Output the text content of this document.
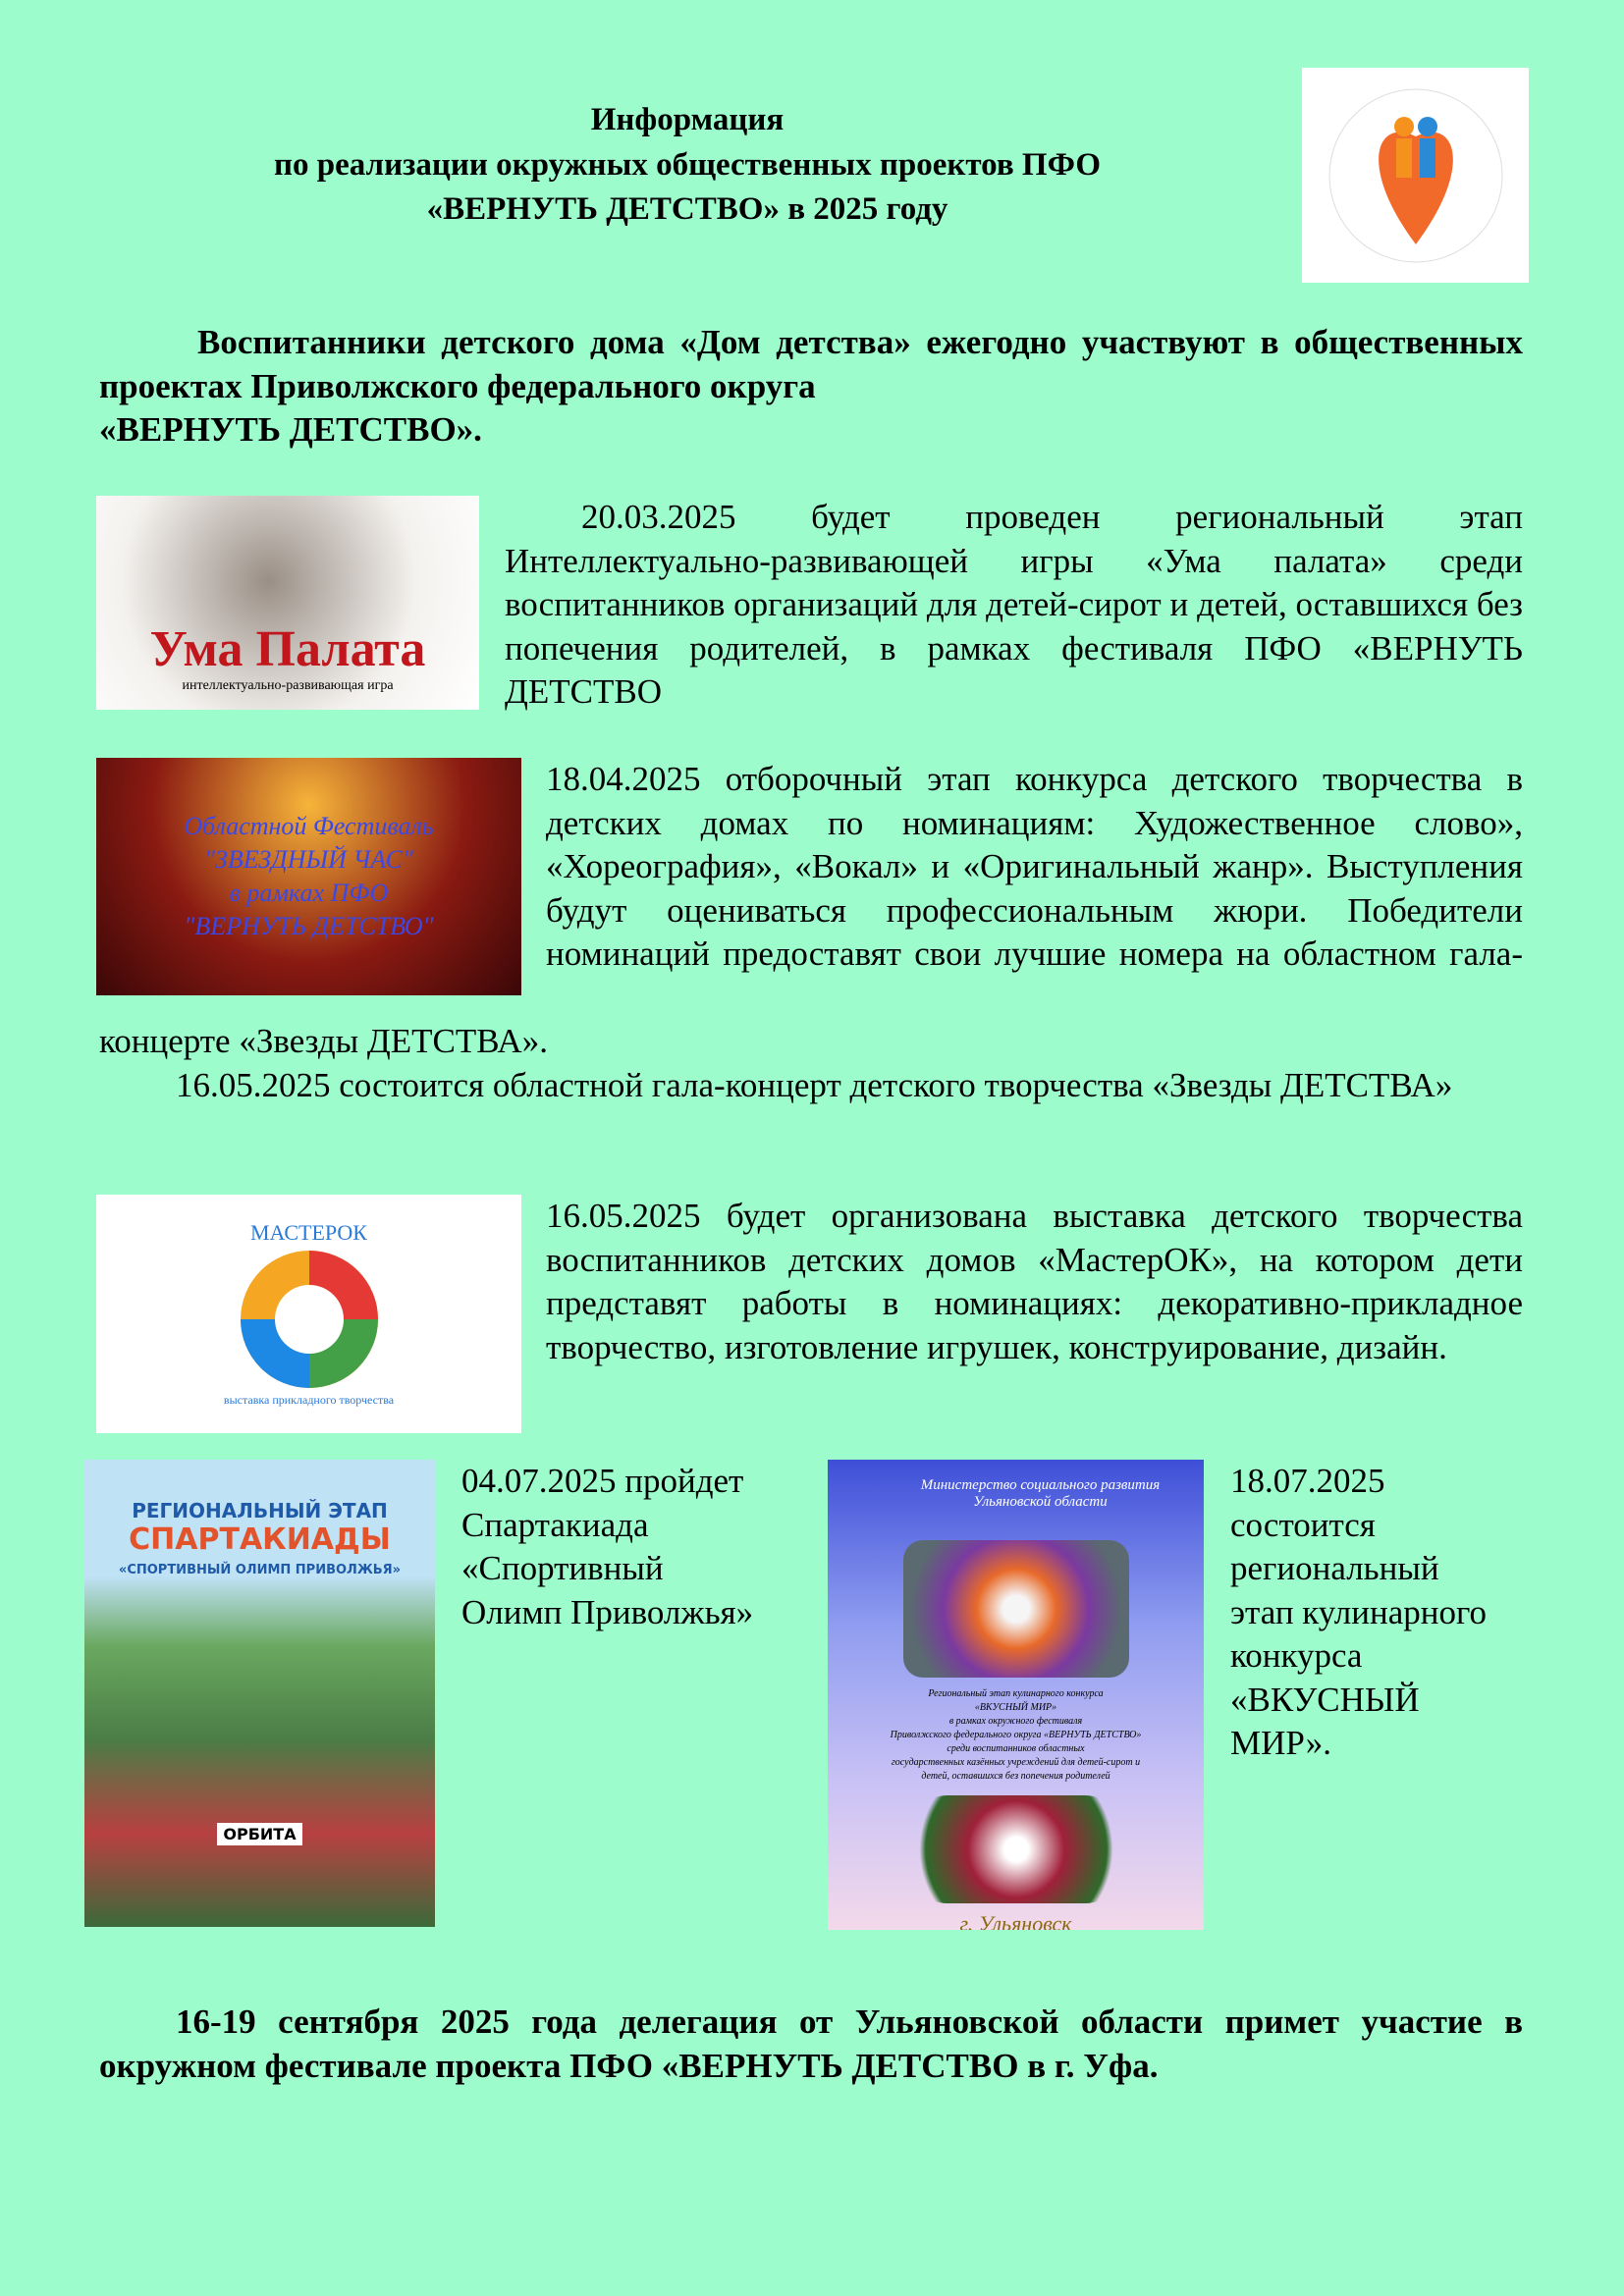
Информация
по реализации окружных общественных проектов ПФО
«ВЕРНУТЬ ДЕТСТВО» в 2025 году
Воспитанники детского дома «Дом детства» ежегодно участвуют в общественных проектах Приволжского федерального округа
«ВЕРНУТЬ ДЕТСТВО».
Ума Палата
интеллектуально-развивающая игра
20.03.2025 будет проведен региональный этап Интеллектуально-развивающей игры «Ума палата» среди воспитанников организаций для детей-сирот и детей, оставшихся без попечения родителей, в рамках фестиваля ПФО «ВЕРНУТЬ ДЕТСТВО
Областной Фестиваль
"ЗВЕЗДНЫЙ ЧАС"
в рамках ПФО
"ВЕРНУТЬ ДЕТСТВО"
18.04.2025 отборочный этап конкурса детского творчества в детских домах по номинациям: Художественное слово», «Хореография», «Вокал» и «Оригинальный жанр». Выступления будут оцениваться профессиональным жюри. Победители номинаций предоставят свои лучшие номера на областном гала-
концерте «Звезды ДЕТСТВА».
16.05.2025 состоится областной гала-концерт детского творчества «Звезды ДЕТСТВА»
МАСТЕРОК
выставка прикладного творчества
16.05.2025 будет организована выставка детского творчества воспитанников детских домов «МастерОК», на котором дети представят работы в номинациях: декоративно-прикладное творчество, изготовление игрушек, конструирование, дизайн.
РЕГИОНАЛЬНЫЙ ЭТАП
СПАРТАКИАДЫ
«СПОРТИВНЫЙ ОЛИМП ПРИВОЛЖЬЯ»
ОРБИТА
04.07.2025 пройдет
Спартакиада
«Спортивный
Олимп Приволжья»
Министерство социального развития
Ульяновской области
Региональный этап кулинарного конкурса
«ВКУСНЫЙ МИР»
в рамках окружного фестиваля
Приволжского федерального округа «ВЕРНУТЬ ДЕТСТВО»
среди воспитанников областных
государственных казённых учреждений для детей-сирот и
детей, оставшихся без попечения родителей
г. Ульяновск
18.07.2025
состоится
региональный
этап кулинарного
конкурса
«ВКУСНЫЙ
МИР».
16-19 сентября 2025 года делегация от Ульяновской области примет участие в окружном фестивале проекта ПФО «ВЕРНУТЬ ДЕТСТВО в г. Уфа.
